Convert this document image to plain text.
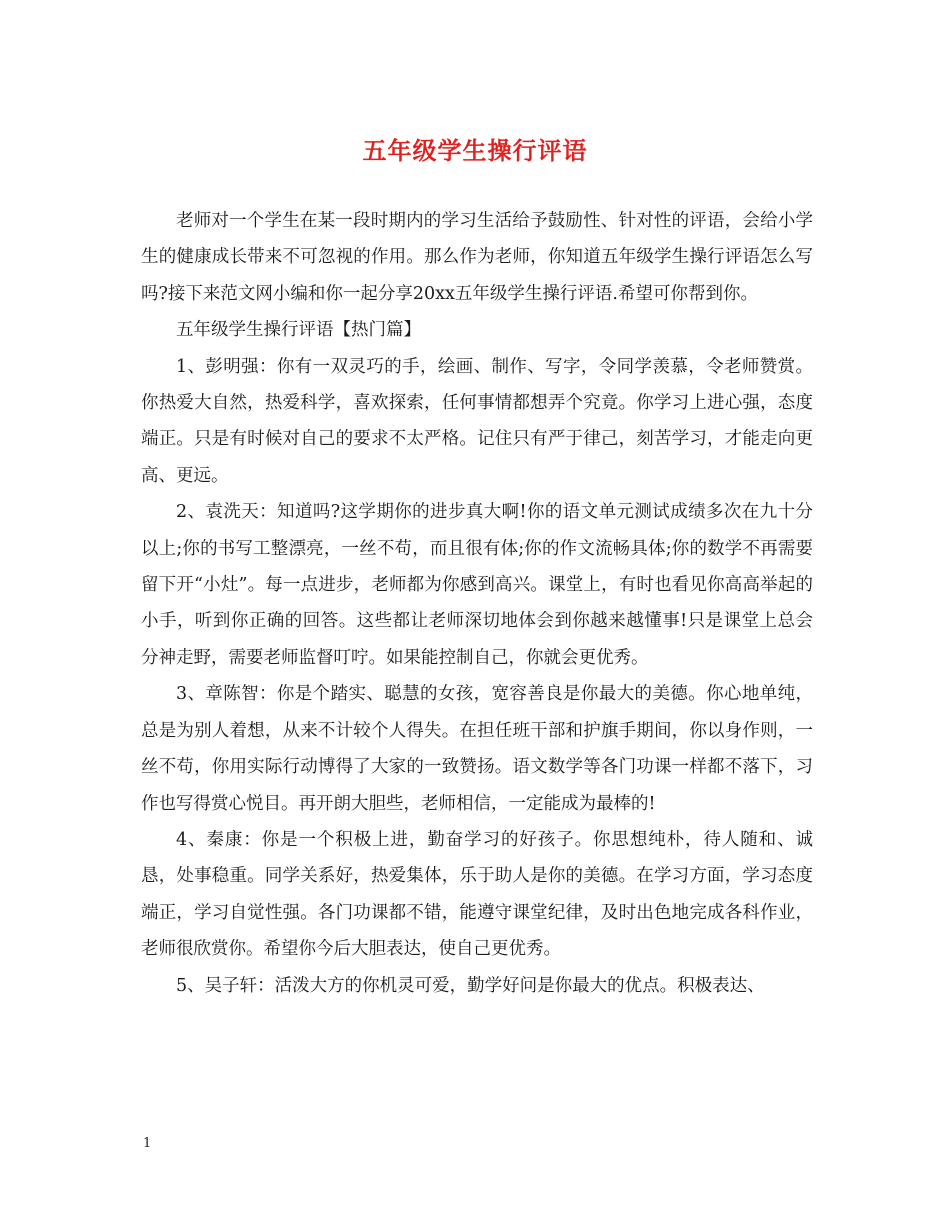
五年级学生操行评语

老师对一个学生在某一段时期内的学习生活给予鼓励性、针对性的评语，会给小学生的健康成长带来不可忽视的作用。那么作为老师，你知道五年级学生操行评语怎么写吗?接下来范文网小编和你一起分享20xx五年级学生操行评语.希望可你帮到你。

五年级学生操行评语【热门篇】

1、彭明强：你有一双灵巧的手，绘画、制作、写字，令同学羡慕，令老师赞赏。你热爱大自然，热爱科学，喜欢探索，任何事情都想弄个究竟。你学习上进心强，态度端正。只是有时候对自己的要求不太严格。记住只有严于律己，刻苦学习，才能走向更高、更远。

2、袁洗天：知道吗?这学期你的进步真大啊!你的语文单元测试成绩多次在九十分以上;你的书写工整漂亮，一丝不苟，而且很有体;你的作文流畅具体;你的数学不再需要留下开“小灶”。每一点进步，老师都为你感到高兴。课堂上，有时也看见你高高举起的小手，听到你正确的回答。这些都让老师深切地体会到你越来越懂事!只是课堂上总会分神走野，需要老师监督叮咛。如果能控制自己，你就会更优秀。

3、章陈智：你是个踏实、聪慧的女孩，宽容善良是你最大的美德。你心地单纯，总是为别人着想，从来不计较个人得失。在担任班干部和护旗手期间，你以身作则，一丝不苟，你用实际行动博得了大家的一致赞扬。语文数学等各门功课一样都不落下，习作也写得赏心悦目。再开朗大胆些，老师相信，一定能成为最棒的!

4、秦康：你是一个积极上进，勤奋学习的好孩子。你思想纯朴，待人随和、诚恳，处事稳重。同学关系好，热爱集体，乐于助人是你的美德。在学习方面，学习态度端正，学习自觉性强。各门功课都不错，能遵守课堂纪律，及时出色地完成各科作业，老师很欣赏你。希望你今后大胆表达，使自己更优秀。

5、吴子轩：活泼大方的你机灵可爱，勤学好问是你最大的优点。积极表达、

1
